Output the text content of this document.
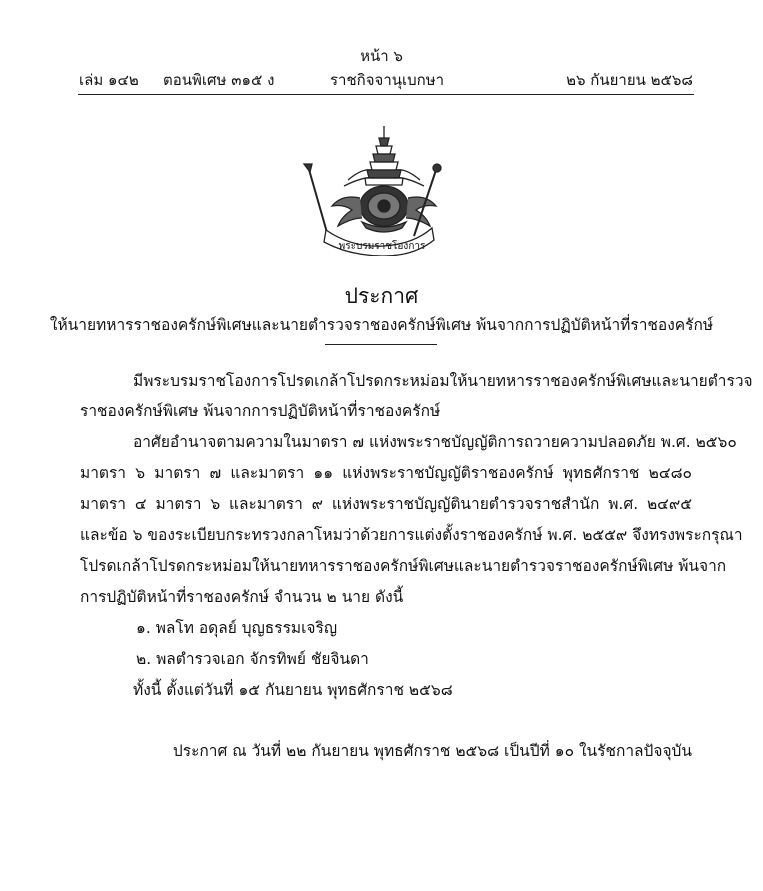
หน้า ๖
เล่ม ๑๔๒ ตอนพิเศษ ๓๑๕ ง	ราชกิจจานุเบกษา	๒๖ กันยายน ๒๕๖๘
พระบรมราชโองการ
ประกาศ
ให้นายทหารราชองครักษ์พิเศษและนายตำรวจราชองครักษ์พิเศษ พ้นจากการปฏิบัติหน้าที่ราชองครักษ์
มีพระบรมราชโองการโปรดเกล้าโปรดกระหม่อมให้นายทหารราชองครักษ์พิเศษและนายตำรวจ
ราชองครักษ์พิเศษ พ้นจากการปฏิบัติหน้าที่ราชองครักษ์
อาศัยอำนาจตามความในมาตรา ๗ แห่งพระราชบัญญัติการถวายความปลอดภัย พ.ศ. ๒๕๖๐
มาตรา ๖ มาตรา ๗ และมาตรา ๑๑ แห่งพระราชบัญญัติราชองครักษ์ พุทธศักราช ๒๔๘๐
มาตรา ๔ มาตรา ๖ และมาตรา ๙ แห่งพระราชบัญญัตินายตำรวจราชสำนัก พ.ศ. ๒๔๙๕
และข้อ ๖ ของระเบียบกระทรวงกลาโหมว่าด้วยการแต่งตั้งราชองครักษ์ พ.ศ. ๒๕๕๙ จึงทรงพระกรุณา
โปรดเกล้าโปรดกระหม่อมให้นายทหารราชองครักษ์พิเศษและนายตำรวจราชองครักษ์พิเศษ พ้นจาก
การปฏิบัติหน้าที่ราชองครักษ์ จำนวน ๒ นาย ดังนี้
๑. พลโท อดุลย์ บุญธรรมเจริญ
๒. พลตำรวจเอก จักรทิพย์ ชัยจินดา
ทั้งนี้ ตั้งแต่วันที่ ๑๕ กันยายน พุทธศักราช ๒๕๖๘
ประกาศ ณ วันที่ ๒๒ กันยายน พุทธศักราช ๒๕๖๘ เป็นปีที่ ๑๐ ในรัชกาลปัจจุบัน
